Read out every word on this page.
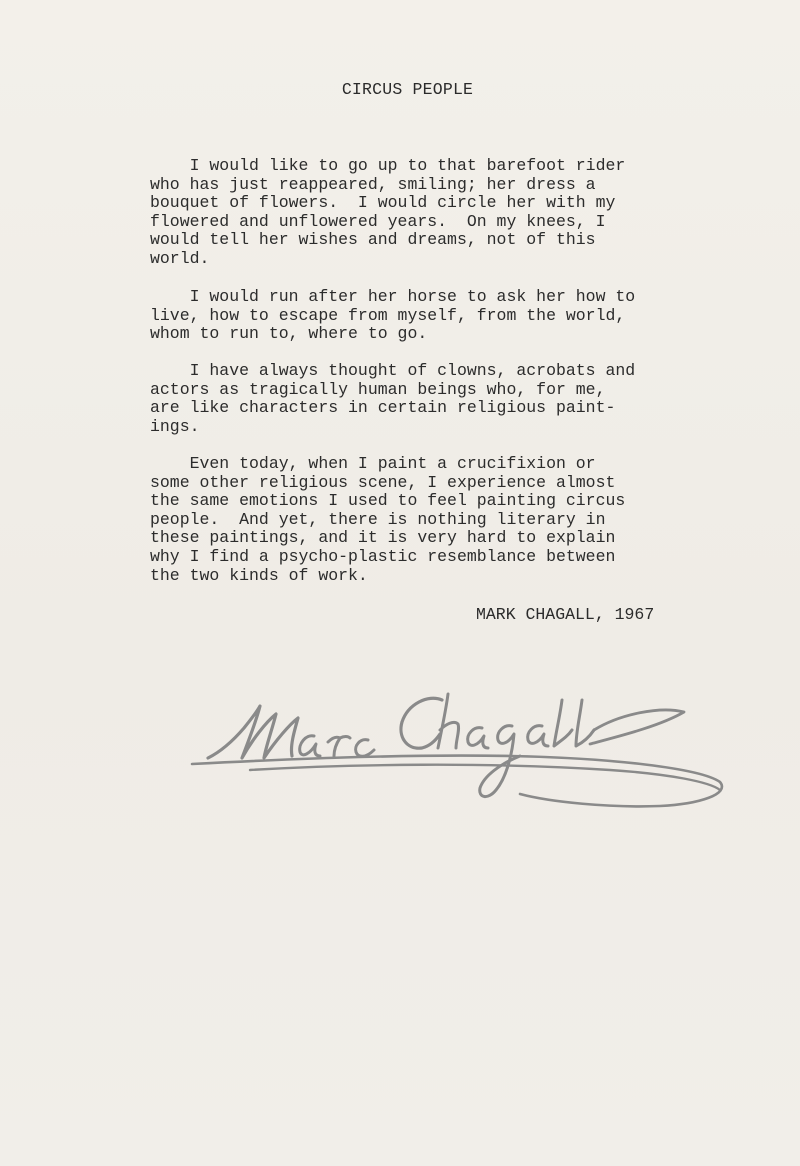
CIRCUS PEOPLE
I would like to go up to that barefoot rider
who has just reappeared, smiling; her dress a
bouquet of flowers.  I would circle her with my
flowered and unflowered years.  On my knees, I
would tell her wishes and dreams, not of this
world.
I would run after her horse to ask her how to
live, how to escape from myself, from the world,
whom to run to, where to go.
I have always thought of clowns, acrobats and
actors as tragically human beings who, for me,
are like characters in certain religious paint-
ings.
Even today, when I paint a crucifixion or
some other religious scene, I experience almost
the same emotions I used to feel painting circus
people.  And yet, there is nothing literary in
these paintings, and it is very hard to explain
why I find a psycho-plastic resemblance between
the two kinds of work.
MARK CHAGALL, 1967
